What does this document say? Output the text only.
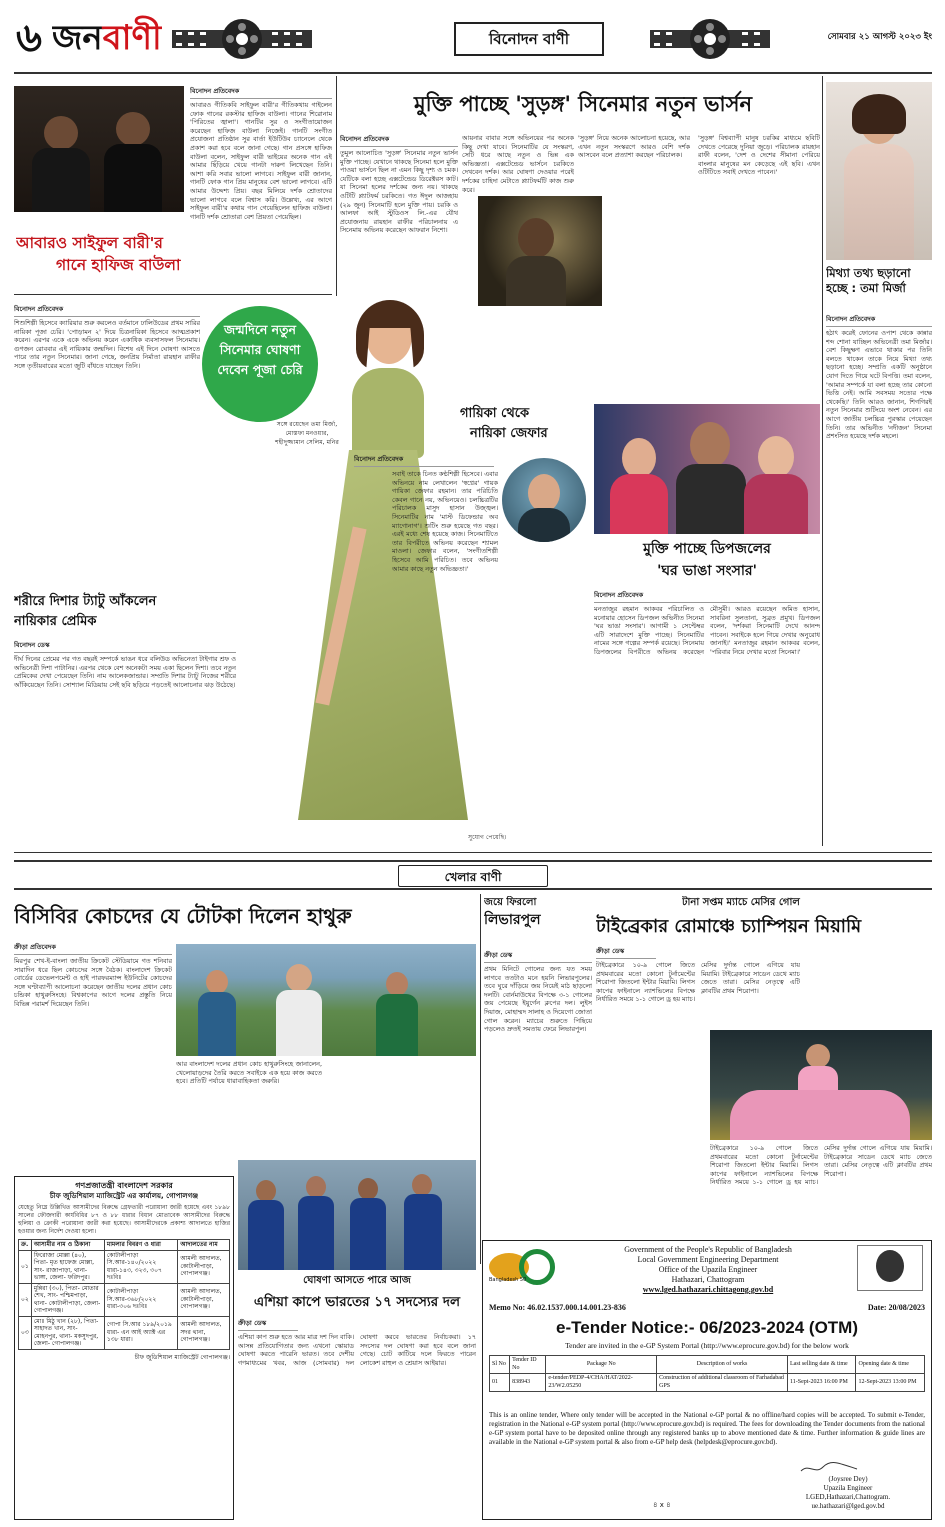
৬ জনবাণী	বিনোদন বাণী	সোমবার ২১ আগস্ট ২০২৩ ইং
বিনোদন প্রতিবেদক
আবারও গীতিকবি সাইফুল বারী'র গীতিকথায় গাইলেন ফোক গানের রকস্টার হাফিজ বাউলা। গানের শিরোনাম 'পিরিতের জ্বালা'। গানটির সুর ও সংগীতায়োজন করেছেন হাফিজ বাউলা নিজেই। গানটি সংগীত প্রযোজনা প্রতিষ্ঠান সুর বার্তা ইউটিউব চ্যানেলে থেকে প্রকাশ করা হবে বলে জানা গেছে। গান প্রসঙ্গে হাফিজ বাউলা বলেন, সাইফুল বারী ভাইয়ের অনেক গান এই আমার ছিঁড়িয়ে খেয়ে গানটা দারুণ লিখেছেন তিনি। আশা করি সবার ভালো লাগবে। সাইফুল বারী জানান, গানটি ফোক গান প্রিয় মানুষের বেশ ভালো লাগবে। এটি আমার উদ্দেশ্য প্রিয়। বছর মিলিয়ে দর্শক শ্রোতাদের ভালো লাগবে বলে বিশ্বাস করি। উল্লেখ্য, এর আগে সাইফুল বারী'র কথায় গান গেয়েছিলেন হাফিজ বাউলা। গানটি দর্শক শ্রোতারা বেশ প্রিয়তা পেয়েছিল।
আবারও সাইফুল বারী'র
গানে হাফিজ বাউলা
মুক্তি পাচ্ছে 'সুড়ঙ্গ' সিনেমার নতুন ভার্সন
বিনোদন প্রতিবেদক
তুমুল আলোচিত 'সুড়ঙ্গ' সিনেমার নতুন ভার্সন মুক্তি পাচ্ছে। যেখানে থাকছে সিনেমা হলে মুক্তি পাওয়া ভার্সনে ছিল না এমন কিছু দৃশ্য ও চমক। যেটিকে বলা হচ্ছে এক্সটেন্ডেড ডিরেক্টরস কাট। যা সিনেমা হলের দর্শকের জন্য নয়। থাকছে ওটিটি প্ল্যাটফর্ম চরকিতে। গত ঈদুল আজহায় (২৯ জুন) সিনেমাটি হলে মুক্তি পায়। চরকি ও আলফা আই স্টুডিওস লি.-এর যৌথ প্রযোজনায় রায়হান রাফীর পরিচালনায় এ সিনেমায় অভিনয় করেছেন আফরান নিশো।
আয়নার বাবার সঙ্গে অভিনয়ের পর অনেক কিছু দেখা যাবে। সিনেমাটির যে সংস্করণ, সেটি ধরে আছে নতুন ও ভিন্ন এক অভিজ্ঞতা। এক্সটেন্ডেড ভার্সনে চরকিতে দেখবেন দর্শক। আর ঘোষণা দেওয়ার পরেই দর্শকের চাহিদা মেটাতে প্ল্যাটফর্মটি কাজ শুরু করে।
'সুড়ঙ্গ' নিয়ে অনেক আলোচনা হয়েছে, আর এখন নতুন সংস্করণে আরও বেশি দর্শক আসবেন বলে প্রত্যাশা করছেন পরিচালক।
'সুড়ঙ্গ' বিশ্বব্যাপী মানুষ চরকির মাধ্যমে ছবিটি দেখতে পেরেছে দুনিয়া জুড়ে। পরিচালক রায়হান রাফী বলেন, 'দেশ ও দেশের সীমানা পেরিয়ে বাংলার মানুষের মন কেড়েছে এই ছবি। এখন ওটিটিতে সবাই দেখতে পাবেন।'
মিথ্যা তথ্য ছড়ানো হচ্ছে : তমা মির্জা
বিনোদন প্রতিবেদক
হঠাৎ করেই ফোনের ওপাশ থেকে কান্নার শব্দ শোনা যাচ্ছিল অভিনেত্রী তমা মির্জার। বেশ কিছুক্ষণ এভাবে থাকার পর তিনি বলতে থাকেন তাকে নিয়ে মিথ্যা তথ্য ছড়ানো হচ্ছে। সম্প্রতি একটি অনুষ্ঠানে যোগ দিতে গিয়ে ঘটে বিপত্তি। তমা বলেন, 'আমার সম্পর্কে যা বলা হচ্ছে তার কোনো ভিত্তি নেই। আমি সবসময় সত্যের পক্ষে থেকেছি।' তিনি আরও জানান, শিগগিরই নতুন সিনেমার শুটিংয়ে অংশ নেবেন। এর আগে জাতীয় চলচ্চিত্র পুরস্কার পেয়েছেন তিনি। তার অভিনীত 'নদীজন' সিনেমা প্রশংসিত হয়েছে দর্শক মহলে।
বিনোদন প্রতিবেদক
শিশুশিল্পী হিসেবে ক্যারিয়ার শুরু করলেও বর্তমানে ঢালিউডের প্রথম সারির নায়িকা পূজা চেরি। 'পোড়ামন ২' দিয়ে চিত্রনায়িকা হিসেবে আত্মপ্রকাশ করেন। এরপর একে একে অভিনয় করেন একাধিক ব্যবসাসফল সিনেমায়। গুণজন রোববার এই নায়িকার জন্মদিন। বিশেষ এই দিনে ঘোষণা আসতে পারে তার নতুন সিনেমার। জানা গেছে, জনপ্রিয় নির্মাতা রায়হান রাফীর সঙ্গে তৃতীয়বারের মতো জুটি বাঁধতে যাচ্ছেন তিনি।
জন্মদিনে নতুন সিনেমার ঘোষণা দেবেন পূজা চেরি
সঙ্গে রয়েছেন তমা মির্জা, মোস্তফা মনওয়ার, শহীদুজ্জামান সেলিম, মনির
গায়িকা থেকে
নায়িকা জেফার
বিনোদন প্রতিবেদক
সবাই তাকে চিনত কণ্ঠশিল্পী হিসেবে। এবার অভিনয়ে নাম লেখালেন 'স্বপ্নের' গায়ক গায়িকা জেফার রহমান। তার পরিচিতি কেবল গানে নয়, অভিনয়েও। চলচ্চিত্রটির পরিচালক মাসুদ হাসান উজ্জ্বল। সিনেমাটির নাম 'মাস্ট ডিফেন্ডার অব ম্যাগোনাগ'। শুটিং শুরু হয়েছে গত বছর। এরই মধ্যে শেষ হয়েছে কাজ। সিনেমাটিতে তার বিপরীতে অভিনয় করেছেন শ্যামল মাওলা। জেফার বলেন, 'সংগীতশিল্পী হিসেবে আমি পরিচিত। তবে অভিনয় আমার কাছে নতুন অভিজ্ঞতা।'
সুযোগ পেয়েছি।
মুক্তি পাচ্ছে ডিপজলের
'ঘর ভাঙা সংসার'
বিনোদন প্রতিবেদক
মনতাজুর রহমান আকবর পরিচালিত ও মনোয়ার হোসেন ডিপজল অভিনীত সিনেমা 'ঘর ভাঙা সংসার'। আগামী ১ সেপ্টেম্বর এটি সারাদেশে মুক্তি পাচ্ছে। সিনেমাটির নামের সঙ্গে গল্পের সম্পর্ক রয়েছে। সিনেমায় ডিপজলের বিপরীতে অভিনয় করেছেন মৌসুমী। আরও রয়েছেন অমিত হাসান, সাবরিনা সুলতানা, সুব্রত প্রমুখ। ডিপজল বলেন, 'দর্শকরা সিনেমাটি দেখে আনন্দ পাবেন। সবাইকে হলে গিয়ে দেখার অনুরোধ জানাই।' মনতাজুর রহমান আকবর বলেন, 'পরিবার নিয়ে দেখার মতো সিনেমা।'
শরীরে দিশার ট্যাটু আঁকলেন
নায়িকার প্রেমিক
বিনোদন ডেস্ক
দীর্ঘ দিনের প্রেমের পর গত বছরই সম্পর্কে ভাঙন ধরে বলিউড অভিনেতা টাইগার শ্রফ ও অভিনেত্রী দিশা পাটানির। এরপর থেকে বেশ অনেকটা সময় একা ছিলেন দিশা। তবে নতুন প্রেমিকের দেখা পেয়েছেন তিনি। নাম আলেকজান্ডার। সম্প্রতি দিশার ট্যাটু নিজের শরীরে আঁকিয়েছেন তিনি। সোশ্যাল মিডিয়ায় সেই ছবি ছড়িয়ে পড়তেই আলোচনার ঝড় উঠেছে।
খেলার বাণী
বিসিবির কোচদের যে টোটকা দিলেন হাথুরু
ক্রীড়া প্রতিবেদক
মিরপুর শেখ-ই-বাংলা জাতীয় ক্রিকেট স্টেডিয়ামে গত শনিবার সারাদিন ধরে ছিল কোচদের সঙ্গে বৈঠক। বাংলাদেশ ক্রিকেট বোর্ডের ডেভেলপমেন্ট ও হাই পারফরম্যান্স ইউনিটের কোচদের সঙ্গে ঘণ্টাব্যাপী আলোচনা করেছেন জাতীয় দলের প্রধান কোচ চন্ডিকা হাথুরুসিংহে। বিশ্বকাপের আগে দলের প্রস্তুতি নিয়ে বিভিন্ন পরামর্শ দিয়েছেন তিনি।
আর বাংলাদেশ দলের প্রধান কোচ হাথুরুসিংহে জানালেন, খেলোয়াড়দের তৈরি করতে সবাইকে এক হয়ে কাজ করতে হবে। প্রতিটি পর্যায়ে ধারাবাহিকতা জরুরি।
জয়ে ফিরলো
লিভারপুল
ক্রীড়া ডেস্ক
প্রথম মিনিটে গোলের জন্য যত সময় লাগবে ততটাও মনে হয়নি লিভারপুলের। তবে ঘুরে দাঁড়িয়ে জয় নিয়েই মাঠ ছাড়লো দলটি। বোর্নমাউথের বিপক্ষে ৩-১ গোলের জয় পেয়েছে ইয়ুর্গেন ক্লপের দল। লুইস দিয়াজ, মোহাম্মদ সালাহ ও দিয়েগো জোতা গোল করেন। ম্যাচের শুরুতে পিছিয়ে পড়লেও দ্রুতই সমতায় ফেরে লিভারপুল।
টানা সপ্তম ম্যাচে মেসির গোল
টাইব্রেকার রোমাঞ্চে চ্যাম্পিয়ন মিয়ামি
ক্রীড়া ডেস্ক
টাইব্রেকারে ১০-৯ গোলে জিতে প্রথমবারের মতো কোনো টুর্নামেন্টের শিরোপা জিতলো ইন্টার মিয়ামি। লিগস কাপের ফাইনালে ন্যাশভিলের বিপক্ষে নির্ধারিত সময়ে ১-১ গোলে ড্র হয় ম্যাচ। মেসির দুর্দান্ত গোলে এগিয়ে যায় মিয়ামি। টাইব্রেকারে সাডেন ডেথে ম্যাচ জেতে তারা। মেসির নেতৃত্বে এটি ক্লাবটির প্রথম শিরোপা।
টাইব্রেকারে ১০-৯ গোলে জিতে প্রথমবারের মতো কোনো টুর্নামেন্টের শিরোপা জিতলো ইন্টার মিয়ামি। লিগস কাপের ফাইনালে ন্যাশভিলের বিপক্ষে নির্ধারিত সময়ে ১-১ গোলে ড্র হয় ম্যাচ। মেসির দুর্দান্ত গোলে এগিয়ে যায় মিয়ামি। টাইব্রেকারে সাডেন ডেথে ম্যাচ জেতে তারা। মেসির নেতৃত্বে এটি ক্লাবটির প্রথম শিরোপা।
ঘোষণা আসতে পারে আজ
এশিয়া কাপে ভারতের ১৭ সদস্যের দল
ক্রীড়া ডেস্ক
এশিয়া কাপ শুরু হতে আর মাত্র দশ দিন বাকি। আসন্ন প্রতিযোগিতার জন্য এখনো স্কোয়াড ঘোষণা করতে পারেনি ভারত। তবে দেশীয় গণমাধ্যমের খবর, আজ (সোমবার) দল ঘোষণা করবে ভারতের নির্বাচকরা। ১৭ সদস্যের দল ঘোষণা করা হবে বলে জানা গেছে। চোট কাটিয়ে দলে ফিরতে পারেন লোকেশ রাহুল ও শ্রেয়াস আইয়ার।
গণপ্রজাতন্ত্রী বাংলাদেশ সরকার
চীফ জুডিশিয়াল ম্যাজিস্ট্রেট এর কার্যালয়, গোপালগঞ্জ
যেহেতু নিম্নে উল্লিখিত আসামীদের বিরুদ্ধে গ্রেফতারী পরোয়ানা জারী হয়েছে এবং ১৮৯৮ সালের ফৌজদারী কার্যবিধির ৮৭ ও ৮৮ ধারার বিধান মোতাবেক আসামীদের বিরুদ্ধে হুলিয়া ও ক্রোকী পরোয়ানা জারী করা হয়েছে। আসামীদেরকে প্রকাশ্য আদালতে হাজির হওয়ার জন্য নির্দেশ দেওয়া হলো।
ক্র.	আসামীর নাম ও ঠিকানা	মামলার বিবরণ ও ধারা	আদালতের নাম
০১	ফিরোজা মোল্লা (৪০), পিতা- মৃত হাফেজ মোল্লা, সাং- রাজাপাড়া, থানা- ভাঙ্গা, জেলা- ফরিদপুর।	কোটালীপাড়া সি.আর-১৪০/২০২২ ধারা-১৪৩, ৩২৩, ৩০৭ দঃবিঃ	আমলী আদালত, কোটালীপাড়া, গোপালগঞ্জ।
০২	মুন্নিরা (৩০), পিতা- মোতার শেখ, সাং- পশ্চিমপাড়া, থানা- কোটালীপাড়া, জেলা- গোপালগঞ্জ।	কোটালীপাড়া সি.আর-৩৬৮/২০২২ ধারা-৩০৬ দঃবিঃ	আমলী আদালত, কোটালীপাড়া, গোপালগঞ্জ।
০৩	মোঃ মিঠু খান (২৮), পিতা- সাহাদত খান, সাং- মোহনপুর, থানা- মকসুদপুর, জেলা- গোপালগঞ্জ।	গোপা সি.আর ১৮৯/২০১৯ ধারা- এন আই অ্যাক্ট এর ১৩৮ ধারা।	আমলী আদালত, সদর থানা, গোপালগঞ্জ।
চীফ জুডিশিয়াল ম্যাজিস্ট্রেট গোপালগঞ্জ।
Bangladesh 50
Government of the People's Republic of Bangladesh
Local Government Engineering Department
Office of the Upazila Engineer
Hathazari, Chattogram
www.lged.hathazari.chittagong.gov.bd
Memo No: 46.02.1537.000.14.001.23-836	Date: 20/08/2023
e-Tender Notice:- 06/2023-2024 (OTM)
Tender are invited in the e-GP System Portal (http://www.eprocure.gov.bd) for the below work
Sl No	Tender ID No	Package No	Description of works	Last selling date & time	Opening date & time
01	838943	e-tender/PEDP-4/CHA/HAT/2022-23/W2.05250	Construction of additional classroom of Farhadabad GPS	11-Sept-2023 16:00 PM	12-Sept-2023 13:00 PM
This is an online tender, Where only tender will be accepted in the National e-GP portal & no offline/hard copies will be accepted. To submit e-Tender, registration in the National e-GP system portal (http://www.eprocure.gov.bd) is required. The fees for downloading the Tender documents from the national e-GP system portal have to be deposited online through any registered banks up to above mentioned date & time. Further information & guide lines are available in the National e-GP system portal & also from e-GP help desk (helpdesk@eprocure.gov.bd).
(Joysree Dey)
Upazila Engineer
LGED,Hathazari,Chattogram.
ue.hathazari@lged.gov.bd
৪ x ৪
